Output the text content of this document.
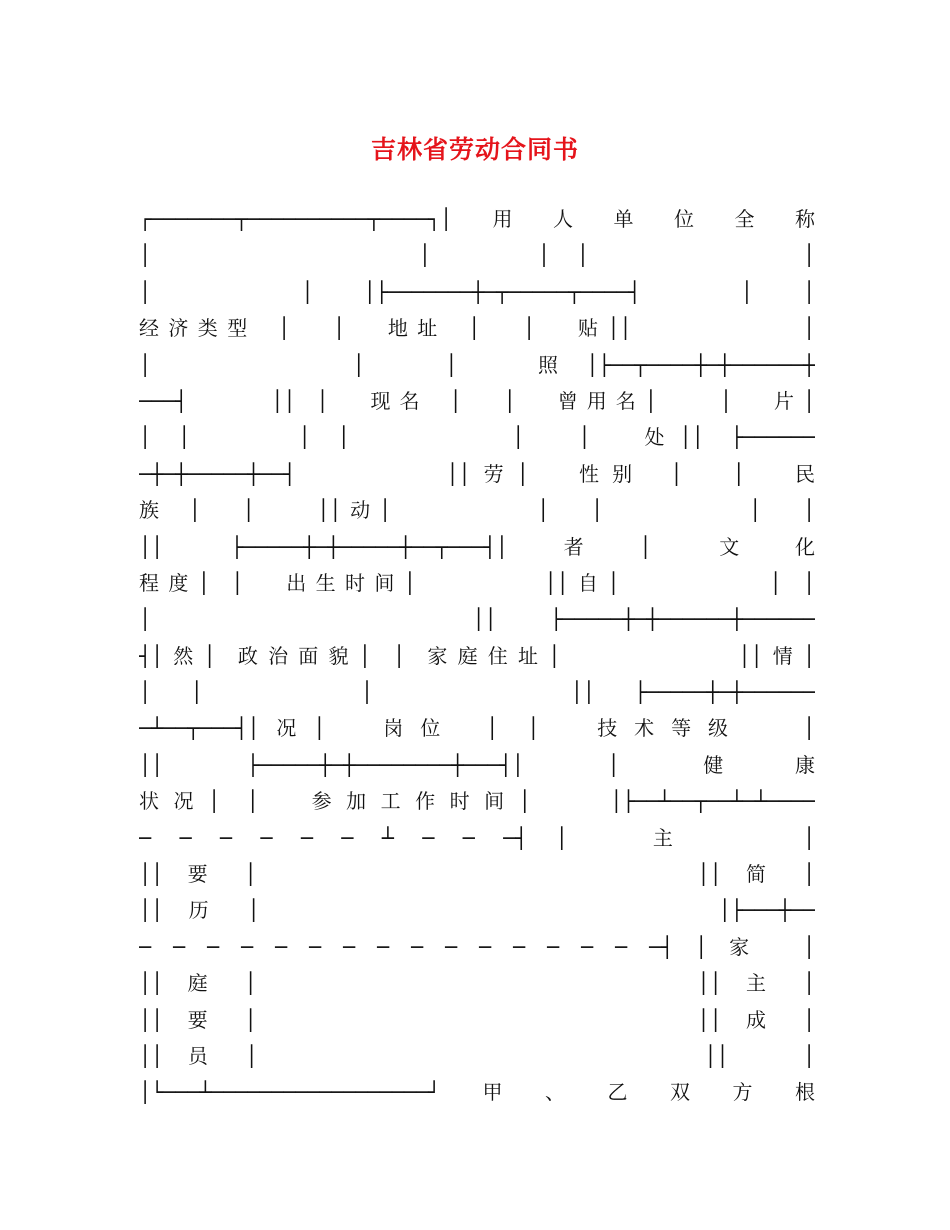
吉林省劳动合同书
┌───────┬──────────┬────┐│用人单位全称
│          │    │ │        │
│   │ │├───────┼─┬─────┬────┤  │ │
经济类型 │  │  地址 │  │  贴││        │
│     │  │  照│├──┬────┼─┼──────┼
───┤    ││ │  现名 │  │  曾用名│   │  片│
│ │    │ │      │  │  处││ ├──────
─┼─┼─────┼──┤      ││劳│  性别 │  │  民
族 │  │   ││动│       │  │       │  │
││ ├─────┼─┼─────┼──┬───┤│者│ 文化
程度│ │  出生时间│      ││自│       │ │
│      ││ ├─────┼─┼──────┼──────
┤│然│ 政治面貌│ │ 家庭住址│        ││情│
│ │    │     ││ ├─────┼─┼──────
─┴──┬───┤│况│  岗位 │ │  技术等级  │
││ ├─────┼─┼────────┼───┤│ │ 健康
状况│ │  参加工作时间│   │├──┴──┬──┴─┴────
─ ─ ─ ─ ─ ─ ┴ ─ ─ ─┤ │   主    │
││ 要 │                  ││ 简 │
││ 历 │                  │├───┼──
─ ─ ─ ─ ─ ─ ─ ─ ─ ─ ─ ─ ─ ─ ─ ─┤ │ 家  │
││ 庭 │                  ││ 主 │
││ 要 │                  ││ 成 │
││ 员 │                  ││   │
│└───┴──────────────────┘甲、乙双方根
